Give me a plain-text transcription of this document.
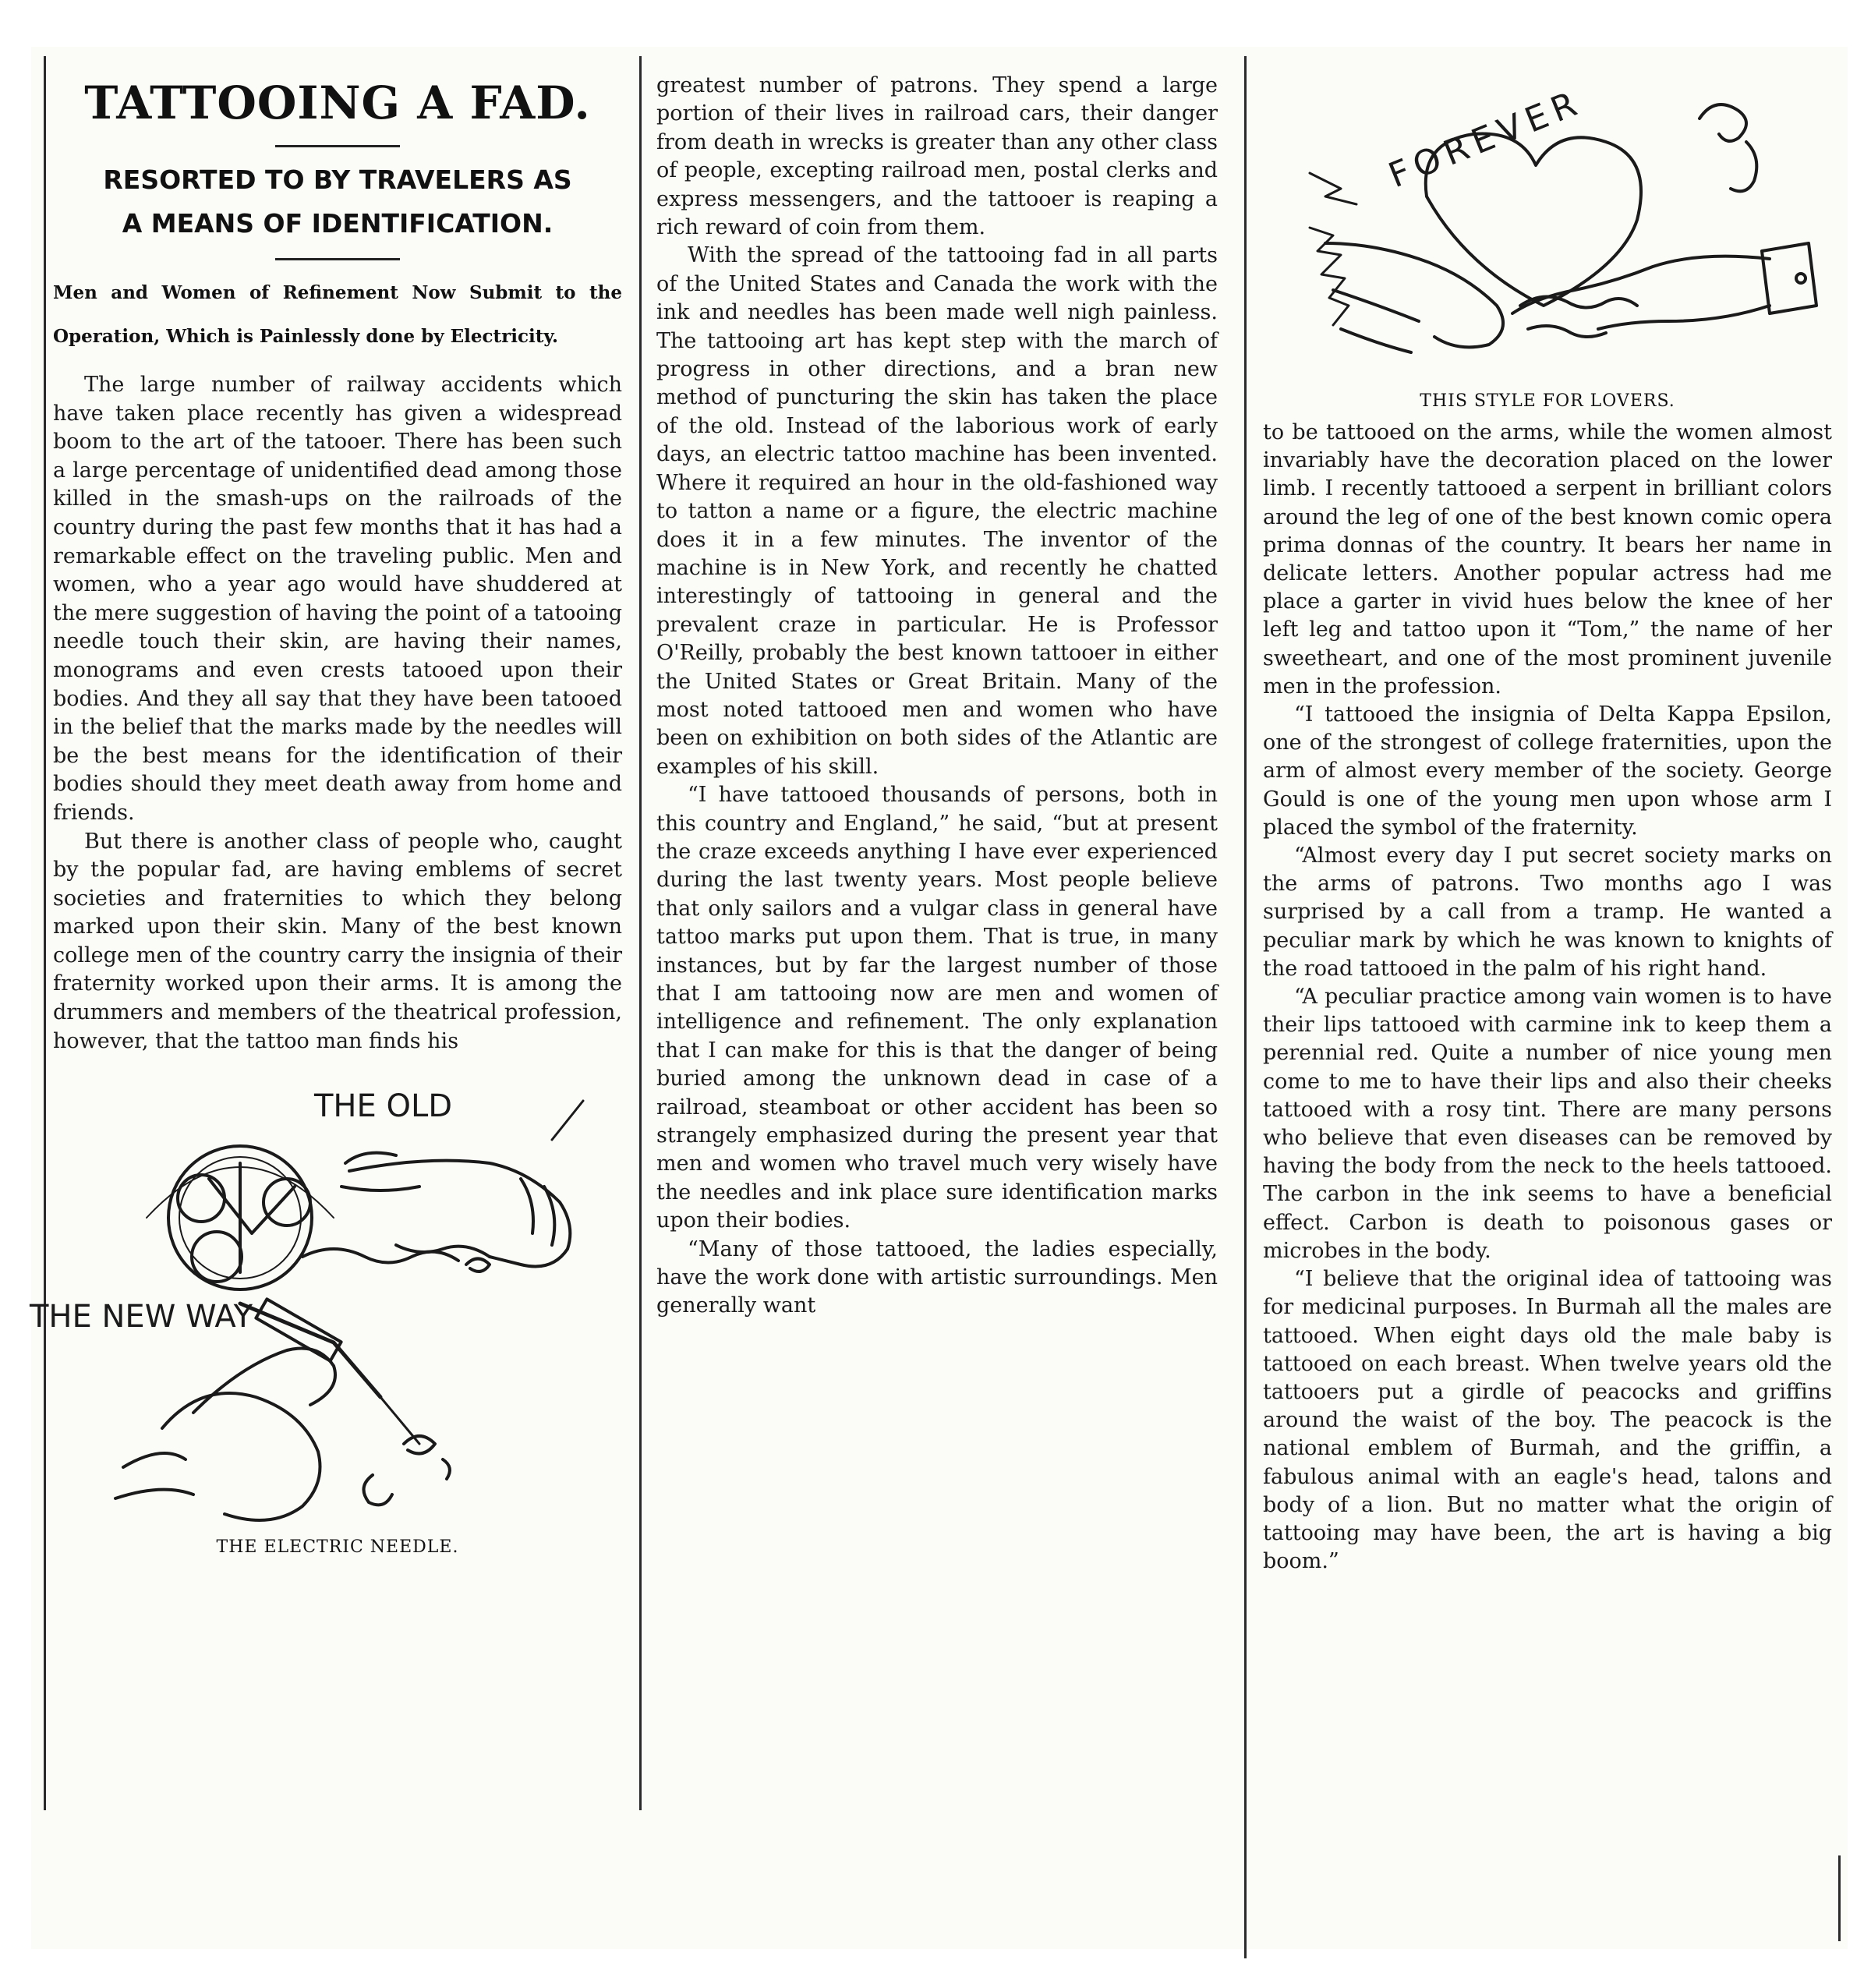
TATTOOING A FAD.
RESORTED TO BY TRAVELERS AS
A MEANS OF IDENTIFICATION.
Men and Women of Refinement Now Submit to the Operation, Which is Painlessly done by Electricity.

The large number of railway accidents which have taken place recently has given a widespread boom to the art of the tatooer. There has been such a large percentage of unidentified dead among those killed in the smash-ups on the railroads of the country during the past few months that it has had a remarkable effect on the traveling public. Men and women, who a year ago would have shuddered at the mere suggestion of having the point of a tatooing needle touch their skin, are having their names, monograms and even crests tatooed upon their bodies. And they all say that they have been tatooed in the belief that the marks made by the needles will be the best means for the identification of their bodies should they meet death away from home and friends.

But there is another class of people who, caught by the popular fad, are having emblems of secret societies and fraternities to which they belong marked upon their skin. Many of the best known college men of the country carry the insignia of their fraternity worked upon their arms. It is among the drummers and members of the theatrical profession, however, that the tattoo man finds his

THE OLD
THE NEW WAY
THE ELECTRIC NEEDLE.

greatest number of patrons. They spend a large portion of their lives in railroad cars, their danger from death in wrecks is greater than any other class of people, excepting railroad men, postal clerks and express messengers, and the tattooer is reaping a rich reward of coin from them.

With the spread of the tattooing fad in all parts of the United States and Canada the work with the ink and needles has been made well nigh painless. The tattooing art has kept step with the march of progress in other directions, and a bran new method of puncturing the skin has taken the place of the old. Instead of the laborious work of early days, an electric tattoo machine has been invented. Where it required an hour in the old-fashioned way to tatton a name or a figure, the electric machine does it in a few minutes. The inventor of the machine is in New York, and recently he chatted interestingly of tattooing in general and the prevalent craze in particular. He is Professor O'Reilly, probably the best known tattooer in either the United States or Great Britain. Many of the most noted tattooed men and women who have been on exhibition on both sides of the Atlantic are examples of his skill.

“I have tattooed thousands of persons, both in this country and England,” he said, “but at present the craze exceeds anything I have ever experienced during the last twenty years. Most people believe that only sailors and a vulgar class in general have tattoo marks put upon them. That is true, in many instances, but by far the largest number of those that I am tattooing now are men and women of intelligence and refinement. The only explanation that I can make for this is that the danger of being buried among the unknown dead in case of a railroad, steamboat or other accident has been so strangely emphasized during the present year that men and women who travel much very wisely have the needles and ink place sure identification marks upon their bodies.

“Many of those tattooed, the ladies especially, have the work done with artistic surroundings. Men generally want

FOREVER
THIS STYLE FOR LOVERS.

to be tattooed on the arms, while the women almost invariably have the decoration placed on the lower limb. I recently tattooed a serpent in brilliant colors around the leg of one of the best known comic opera prima donnas of the country. It bears her name in delicate letters. Another popular actress had me place a garter in vivid hues below the knee of her left leg and tattoo upon it “Tom,” the name of her sweetheart, and one of the most prominent juvenile men in the profession.

“I tattooed the insignia of Delta Kappa Epsilon, one of the strongest of college fraternities, upon the arm of almost every member of the society. George Gould is one of the young men upon whose arm I placed the symbol of the fraternity.

“Almost every day I put secret society marks on the arms of patrons. Two months ago I was surprised by a call from a tramp. He wanted a peculiar mark by which he was known to knights of the road tattooed in the palm of his right hand.

“A peculiar practice among vain women is to have their lips tattooed with carmine ink to keep them a perennial red. Quite a number of nice young men come to me to have their lips and also their cheeks tattooed with a rosy tint. There are many persons who believe that even diseases can be removed by having the body from the neck to the heels tattooed. The carbon in the ink seems to have a beneficial effect. Carbon is death to poisonous gases or microbes in the body.

“I believe that the original idea of tattooing was for medicinal purposes. In Burmah all the males are tattooed. When eight days old the male baby is tattooed on each breast. When twelve years old the tattooers put a girdle of peacocks and griffins around the waist of the boy. The peacock is the national emblem of Burmah, and the griffin, a fabulous animal with an eagle's head, talons and body of a lion. But no matter what the origin of tattooing may have been, the art is having a big boom.”
